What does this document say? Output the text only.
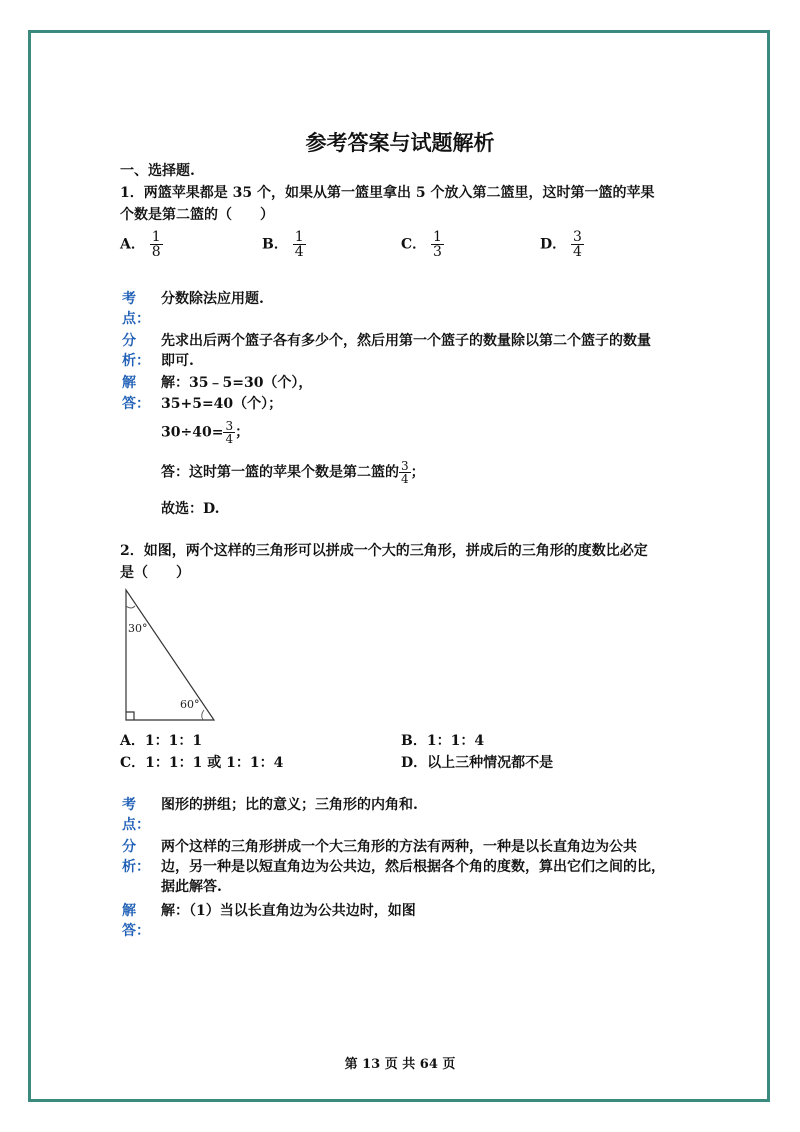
参考答案与试题解析
一、选择题.
1．两篮苹果都是 35 个，如果从第一篮里拿出 5 个放入第二篮里，这时第一篮的苹果
个数是第二篮的（　　）
A． $\frac{1}{8}$	B． $\frac{1}{4}$	C． $\frac{1}{3}$	D． $\frac{3}{4}$
考
点：
分数除法应用题.
分
析：
先求出后两个篮子各有多少个，然后用第一个篮子的数量除以第二个篮子的数量
即可.
解
答：
解：35﹣5=30（个），
35+5=40（个）；
$30\div 40= \frac{3}{4}$ ；
答：这时第一篮的苹果个数是第二篮的 $\frac{3}{4}$ ；
故选：D.
2．如图，两个这样的三角形可以拼成一个大的三角形，拼成后的三角形的度数比必定
是（　　）
30°
60°
A．1：1：1	B．1：1：4
C．1：1：1 或 1：1：4	D．以上三种情况都不是
考
点：
图形的拼组；比的意义；三角形的内角和.
分
析：
两个这样的三角形拼成一个大三角形的方法有两种，一种是以长直角边为公共
边，另一种是以短直角边为公共边，然后根据各个角的度数，算出它们之间的比，
据此解答.
解
答：
解：（1）当以长直角边为公共边时，如图
第 13 页 共 64 页
